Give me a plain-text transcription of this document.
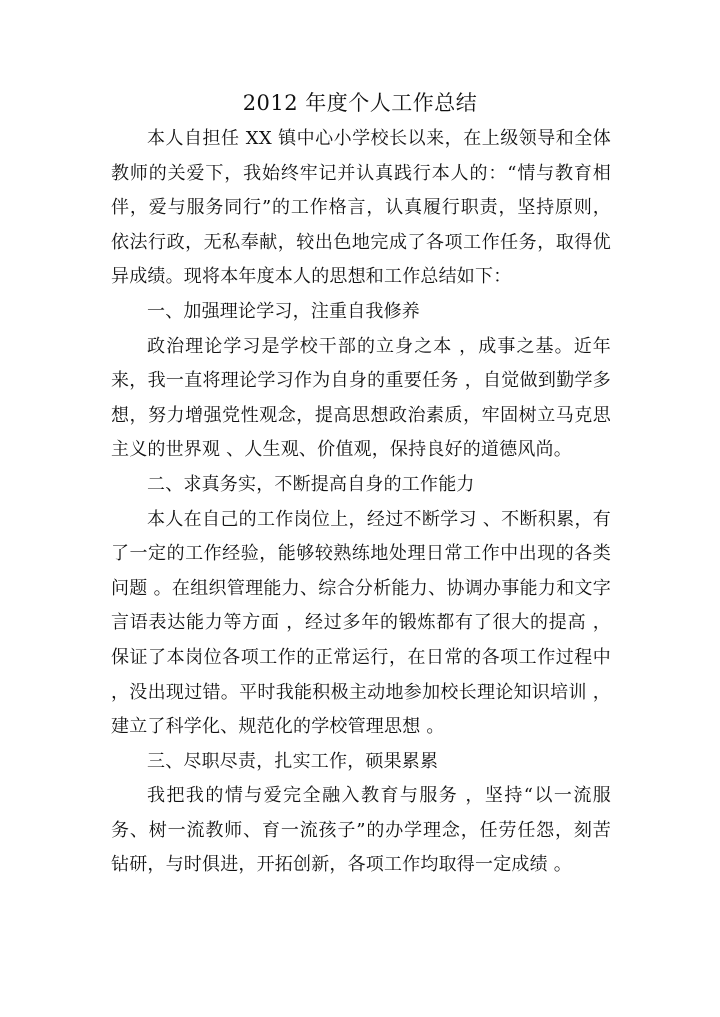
2012 年度个人工作总结

本人自担任 XX 镇中心小学校长以来，在上级领导和全体教师的关爱下，我始终牢记并认真践行本人的：“情与教育相伴，爱与服务同行”的工作格言，认真履行职责，坚持原则，依法行政，无私奉献，较出色地完成了各项工作任务，取得优异成绩。现将本年度本人的思想和工作总结如下：

一、加强理论学习，注重自我修养

政治理论学习是学校干部的立身之本 ，成事之基。近年来，我一直将理论学习作为自身的重要任务 ，自觉做到勤学多想，努力增强党性观念，提高思想政治素质，牢固树立马克思主义的世界观 、人生观、价值观，保持良好的道德风尚。

二、求真务实，不断提高自身的工作能力

本人在自己的工作岗位上，经过不断学习 、不断积累，有了一定的工作经验，能够较熟练地处理日常工作中出现的各类问题 。在组织管理能力、综合分析能力、协调办事能力和文字言语表达能力等方面 ，经过多年的锻炼都有了很大的提高 ，保证了本岗位各项工作的正常运行，在日常的各项工作过程中 ，没出现过错。平时我能积极主动地参加校长理论知识培训 ，建立了科学化、规范化的学校管理思想 。

三、尽职尽责，扎实工作，硕果累累

我把我的情与爱完全融入教育与服务 ，坚持“以一流服务、树一流教师、育一流孩子”的办学理念，任劳任怨，刻苦钻研，与时俱进，开拓创新，各项工作均取得一定成绩 。
